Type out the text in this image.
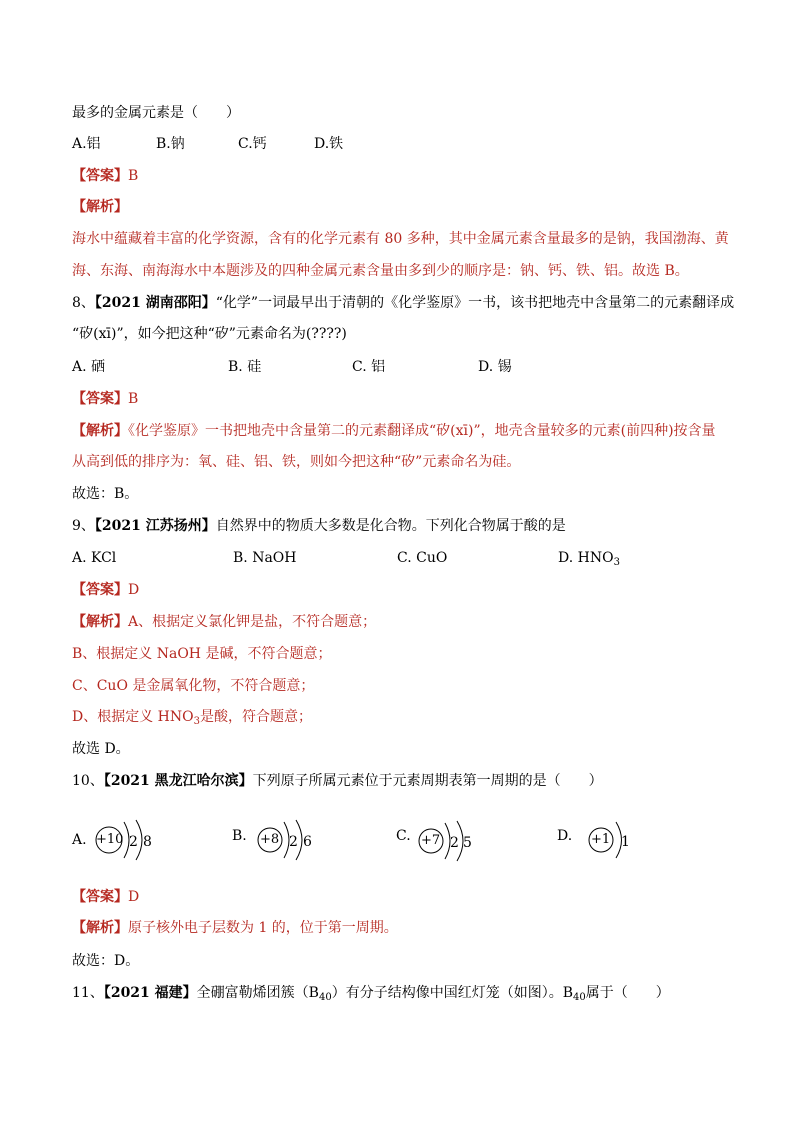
最多的金属元素是（　　）
A.铝	B.钠	C.钙	D.铁
【答案】B
【解析】
海水中蕴藏着丰富的化学资源，含有的化学元素有 80 多种，其中金属元素含量最多的是钠，我国渤海、黄
海、东海、南海海水中本题涉及的四种金属元素含量由多到少的顺序是：钠、钙、铁、铝。故选 B。
8、【2021 湖南邵阳】“化学”一词最早出于清朝的《化学鉴原》一书，该书把地壳中含量第二的元素翻译成
“矽(xī)”，如今把这种“矽”元素命名为(????)
A. 硒	B. 硅	C. 铝	D. 锡
【答案】B
【解析】《化学鉴原》一书把地壳中含量第二的元素翻译成“矽(xī)”，地壳含量较多的元素(前四种)按含量
从高到低的排序为：氧、硅、铝、铁，则如今把这种“矽”元素命名为硅。
故选：B。
9、【2021 江苏扬州】自然界中的物质大多数是化合物。下列化合物属于酸的是
A. KCl	B. NaOH	C. CuO	D. $HNO_3$
【答案】D
【解析】A、根据定义氯化钾是盐，不符合题意；
B、根据定义 NaOH 是碱，不符合题意；
C、CuO 是金属氧化物，不符合题意；
D、根据定义 $HNO_3$是酸，符合题意；
故选 D。
10、【2021 黑龙江哈尔滨】下列原子所属元素位于元素周期表第一周期的是（　　）
A. +10 2 8	B. +8 2 6	C. +7 2 5	D. +1 1
【答案】D
【解析】原子核外电子层数为 1 的，位于第一周期。
故选：D。
11、【2021 福建】全硼富勒烯团簇$(B_{40})$有分子结构像中国红灯笼（如图）。$B_{40}$属于（　　）
